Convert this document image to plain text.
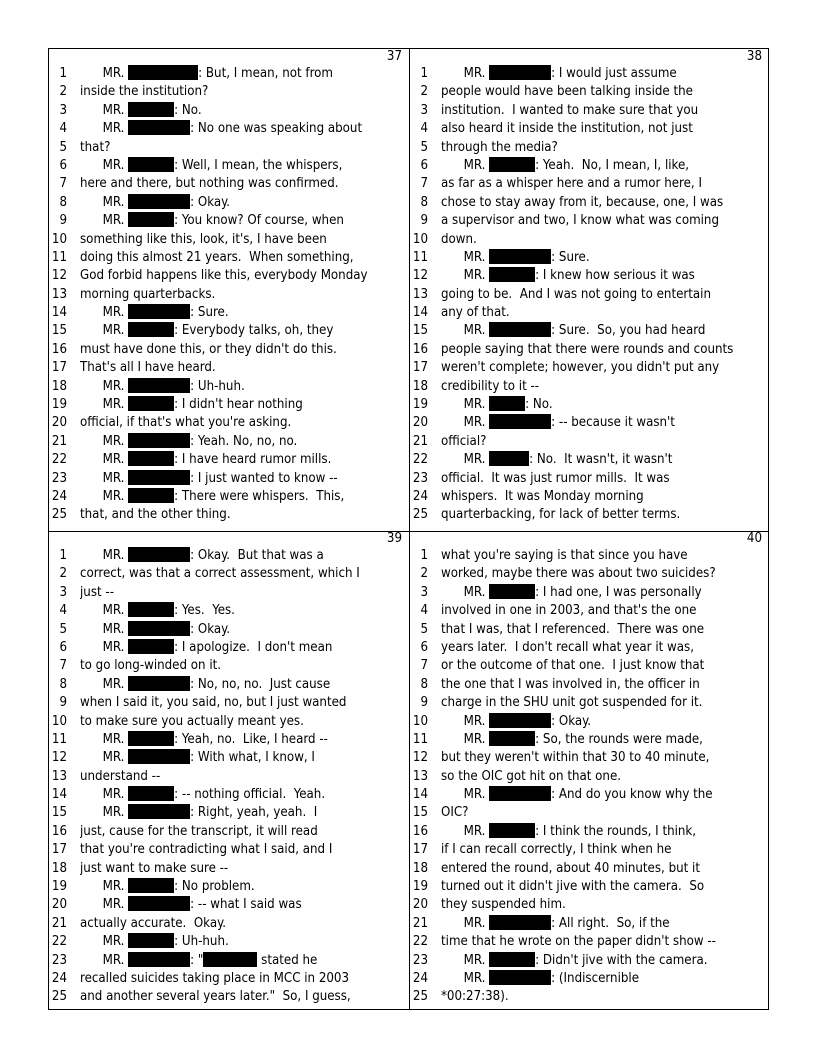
37
1 MR.	: But, I mean, not from
2 inside the institution?
3 MR.	: No.
4 MR.	: No one was speaking about
5 that?
6 MR.	: Well, I mean, the whispers,
7 here and there, but nothing was confirmed.
8 MR.	: Okay.
9 MR.	: You know? Of course, when
10 something like this, look, it's, I have been
11 doing this almost 21 years.  When something,
12 God forbid happens like this, everybody Monday
13 morning quarterbacks.
14 MR.	: Sure.
15 MR.	: Everybody talks, oh, they
16 must have done this, or they didn't do this.
17 That's all I have heard.
18 MR.	: Uh-huh.
19 MR.	: I didn't hear nothing
20 official, if that's what you're asking.
21 MR.	: Yeah. No, no, no.
22 MR.	: I have heard rumor mills.
23 MR.	: I just wanted to know --
24 MR.	: There were whispers.  This,
25 that, and the other thing.
38
1 MR.	: I would just assume
2 people would have been talking inside the
3 institution.  I wanted to make sure that you
4 also heard it inside the institution, not just
5 through the media?
6 MR.	: Yeah.  No, I mean, I, like,
7 as far as a whisper here and a rumor here, I
8 chose to stay away from it, because, one, I was
9 a supervisor and two, I know what was coming
10 down.
11 MR.	: Sure.
12 MR.	: I knew how serious it was
13 going to be.  And I was not going to entertain
14 any of that.
15 MR.	: Sure.  So, you had heard
16 people saying that there were rounds and counts
17 weren't complete; however, you didn't put any
18 credibility to it --
19 MR.	: No.
20 MR.	: -- because it wasn't
21 official?
22 MR.	: No.  It wasn't, it wasn't
23 official.  It was just rumor mills.  It was
24 whispers.  It was Monday morning
25 quarterbacking, for lack of better terms.
39
1 MR.	: Okay.  But that was a
2 correct, was that a correct assessment, which I
3 just --
4 MR.	: Yes.  Yes.
5 MR.	: Okay.
6 MR.	: I apologize.  I don't mean
7 to go long-winded on it.
8 MR.	: No, no, no.  Just cause
9 when I said it, you said, no, but I just wanted
10 to make sure you actually meant yes.
11 MR.	: Yeah, no.  Like, I heard --
12 MR.	: With what, I know, I
13 understand --
14 MR.	: -- nothing official.  Yeah.
15 MR.	: Right, yeah, yeah.  I
16 just, cause for the transcript, it will read
17 that you're contradicting what I said, and I
18 just want to make sure --
19 MR.	: No problem.
20 MR.	: -- what I said was
21 actually accurate.  Okay.
22 MR.	: Uh-huh.
23 MR.	: "	stated he
24 recalled suicides taking place in MCC in 2003
25 and another several years later."  So, I guess,
40
1 what you're saying is that since you have
2 worked, maybe there was about two suicides?
3 MR.	: I had one, I was personally
4 involved in one in 2003, and that's the one
5 that I was, that I referenced.  There was one
6 years later.  I don't recall what year it was,
7 or the outcome of that one.  I just know that
8 the one that I was involved in, the officer in
9 charge in the SHU unit got suspended for it.
10 MR.	: Okay.
11 MR.	: So, the rounds were made,
12 but they weren't within that 30 to 40 minute,
13 so the OIC got hit on that one.
14 MR.	: And do you know why the
15 OIC?
16 MR.	: I think the rounds, I think,
17 if I can recall correctly, I think when he
18 entered the round, about 40 minutes, but it
19 turned out it didn't jive with the camera.  So
20 they suspended him.
21 MR.	: All right.  So, if the
22 time that he wrote on the paper didn't show --
23 MR.	: Didn't jive with the camera.
24 MR.	: (Indiscernible
25 *00:27:38).
